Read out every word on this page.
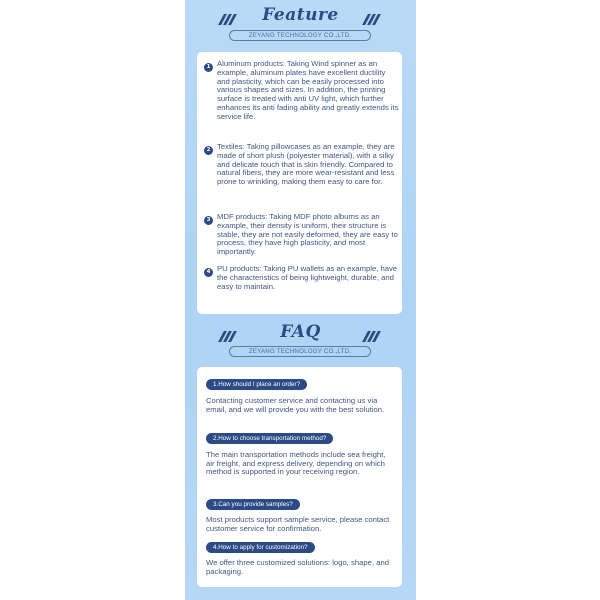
Feature
ZEYANG TECHNOLOGY CO.,LTD.
1 Aluminum products: Taking Wind spinner as an example, aluminum plates have excellent ductility and plasticity, which can be easily processed into various shapes and sizes. In addition, the printing surface is treated with anti UV light, which further enhances its anti fading ability and greatly extends its service life.
2 Textiles: Taking pillowcases as an example, they are made of short plush (polyester material), with a silky and delicate touch that is skin friendly. Compared to natural fibers, they are more wear-resistant and less prone to wrinkling, making them easy to care for.
3 MDF products: Taking MDF photo albums as an example, their density is uniform, their structure is stable, they are not easily deformed, they are easy to process, they have high plasticity, and most importantly.
4 PU products: Taking PU wallets as an example, have the characteristics of being lightweight, durable, and easy to maintain.
FAQ
ZEYANG TECHNOLOGY CO.,LTD.
1.How should I place an order?
Contacting customer service and contacting us via email, and we will provide you with the best solution.
2.How to choose transportation method?
The main transportation methods include sea freight, air freight, and express delivery, depending on which method is supported in your receiving region.
3.Can you provide samples?
Most products support sample service, please contact customer service for confirmation.
4.How to apply for customization?
We offer three customized solutions: logo, shape, and packaging.
